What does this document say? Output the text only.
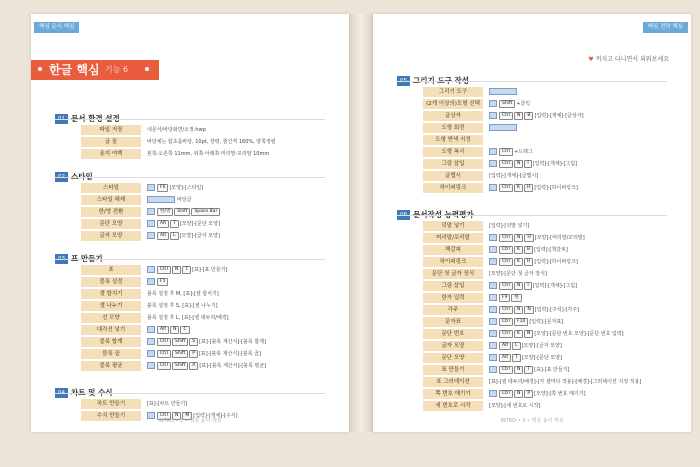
핵심 문서 핵심
한글 핵심 기능 6
파일 저장	내문서/바탕화면/소정.hwp
글 꼴	바탕체는 함초롬바탕, 10pt, 장평, 줄간격 160%, 양쪽정렬
용지 여백	왼쪽·오른쪽 11mm, 위쪽·아래쪽·머리말·꼬리말 10mm
스타일	F6 [모양]-[스타일]
스타일 해제	바탕글
한/영 전환	한/영 Shift Space Bar
문단 모양	Alt T [모양]-[문단 모양]
글자 모양	Alt L [모양]-[글자 모양]
표	Ctrl N T [표]-[표 만들기]
블록 설정	F5
셀 합치기	블록 설정 후 M, [표]-[셀 합치기]
셀 나누기	블록 설정 후 S, [표]-[셀 나누기]
선 모양	블록 설정 후 L, [표]-[셀 테두리/배경]
대각선 넣기	Alt N C
블록 합계	Ctrl Shift S [표]-[블록 계산식]-[블록 합계]
블록 곱	Ctrl Shift P [표]-[블록 계산식]-[블록 곱]
블록 평균	Ctrl Shift A [표]-[블록 계산식]-[블록 평균]
차트 만들기	[표]-[차트 만들기]
수식 만들기	Ctrl N M [입력]-[개체]-[수식]
INTRO • 2 • 핵심 용어 핵심
핵심 전략 핵심
♥ 꺼지고 다니면서 외워보세요
그리기 도구
(2개 이상의)도형 선택	Shift +클릭
글상자	Ctrl N B [입력]-[개체]-[글상자]
도형 회전
도형 면색 지정
도형 복사	Ctrl +드래그
그림 삽입	Ctrl N I [입력]-[개체]-[그림]
글맵시	[입력]-[개체]-[글맵시]
하이퍼링크	Ctrl K H [입력]-[하이퍼링크]
덧말 넣기	[입력]-[덧말 넣기]
머리말/꼬리말	Ctrl N H [모양]-[머리말/꼬리말]
책갈피	Ctrl K B [입력]-[책갈피]
하이퍼링크	Ctrl K H [입력]-[하이퍼링크]
문단 첫 글자 장식	[모양]-[문단 첫 글자 장식]
그림 삽입	Ctrl N I [입력]-[개체]-[그림]
한자 입력	F9 한
각주	Ctrl N N [입력]-[주석]-[각주]
문자표	Ctrl F10 [입력]-[문자표]
문단 번호	Ctrl K N [모양]-[문단 번호 모양]-[문단 번호 입력]
글자 모양	Alt L [모양]-[글자 모양]
문단 모양	Alt T [모양]-[문단 모양]
표 만들기	Ctrl N T [표]-[표 만들기]
표 그러데이션	[표]-[셀 테두리/배경]-[각 셀마다 적용]-[배경]-[그러데이션 지정 적용]
쪽 번호 매기기	Ctrl N P [모양]-[쪽 번호 매기기]
새 번호로 시작	[모양]-[새 번호로 시작]
INTRO • 3 • 핵심 용어 핵심
